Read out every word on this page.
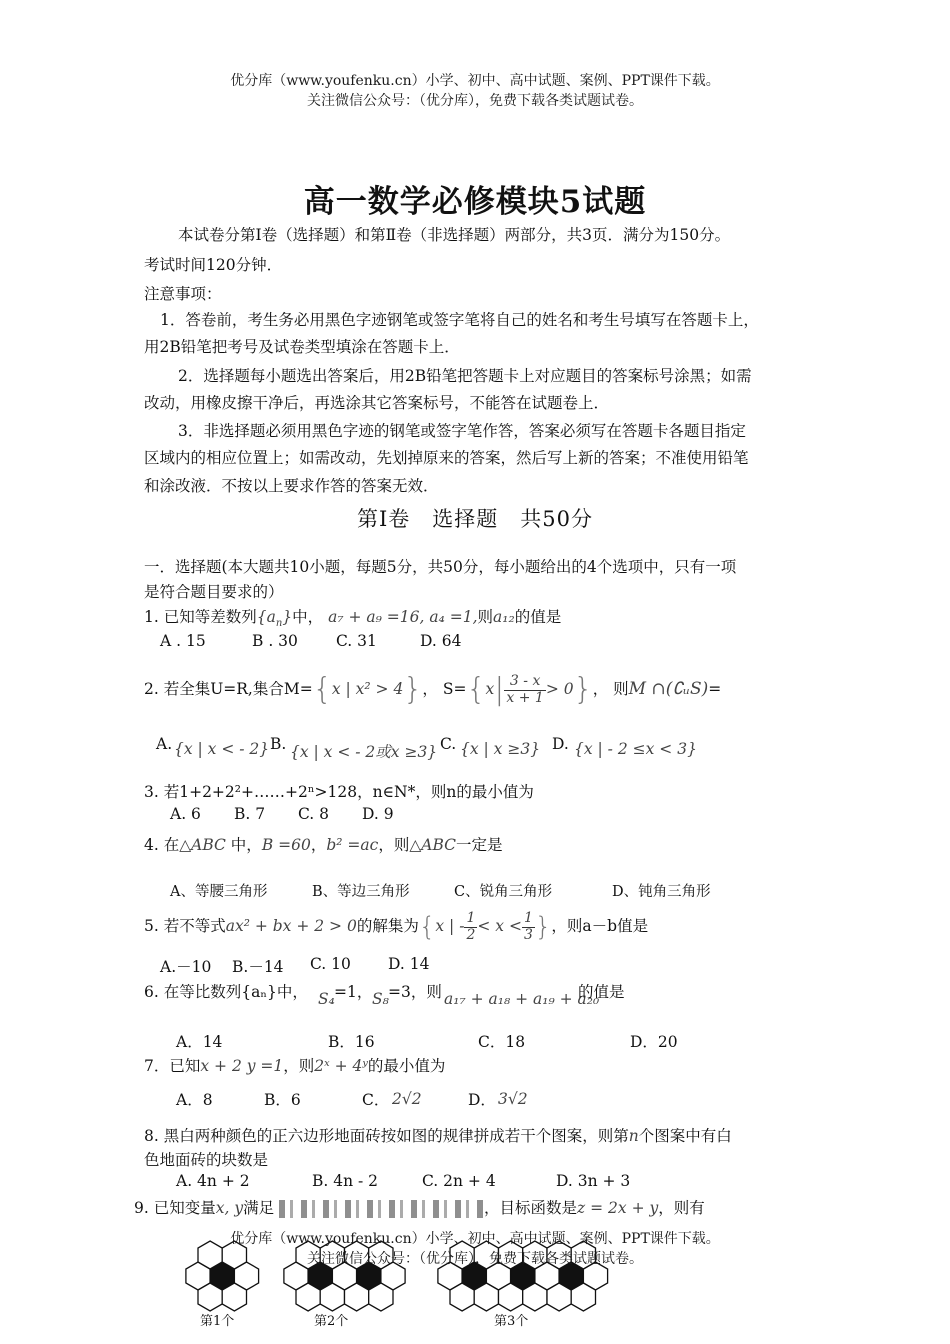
优分库（www.youfenku.cn）小学、初中、高中试题、案例、PPT课件下载。
关注微信公众号：（优分库），免费下载各类试题试卷。
高一数学必修模块5试题
本试卷分第Ⅰ卷（选择题）和第Ⅱ卷（非选择题）两部分，共3页．满分为150分。
考试时间120分钟．
注意事项：
1．答卷前，考生务必用黑色字迹钢笔或签字笔将自己的姓名和考生号填写在答题卡上，
用2B铅笔把考号及试卷类型填涂在答题卡上．
2．选择题每小题选出答案后，用2B铅笔把答题卡上对应题目的答案标号涂黑；如需
改动，用橡皮擦干净后，再选涂其它答案标号，不能答在试题卷上．
3．非选择题必须用黑色字迹的钢笔或签字笔作答，答案必须写在答题卡各题目指定
区域内的相应位置上；如需改动，先划掉原来的答案，然后写上新的答案；不准使用铅笔
和涂改液．不按以上要求作答的答案无效．
第Ⅰ卷　选择题　共50分
一．选择题(本大题共10小题，每题5分，共50分，每小题给出的4个选项中，只有一项
是符合题目要求的）
1. 已知等差数列$\{a_n\}$中， a₇ + a₉ =16, a₄ =1,则a₁₂的值是
A . 15	B . 30 C. 31	D. 64
2. 若全集U=R,集合M={x | x² > 4}， $S=\{x| \frac{3 - x}{x + 1} > 0\}$， 则M ∩(∁ᵤS)=
A. {x | x < - 2} B. {x | x < - 2或x ≥3} C. {x | x ≥3} D. {x | - 2 ≤x < 3}
3. 若1+2+2²+……+2ⁿ>128，n∈N*，则n的最小值为
A. 6 B. 7 C. 8 D. 9
4. 在△ABC 中，B =60，b² =ac，则△ABC一定是
A、等腰三角形	B、等边三角形	C、锐角三角形	D、钝角三角形
5. 若不等式ax² + bx + 2 > 0的解集为{x | - $\frac{1}{2} < x < \frac{1}{3}$ }，则a－b值是
A.－10 B.－14 C. 10 D. 14
6. 在等比数列{aₙ}中， S₄ =1， S₈ =3，则 a₁₇ + a₁₈ + a₁₉ + a₂₀
的值是
A．14	B．16	C．18	D．20
7．已知x + 2 y =1，则2ˣ + 4ʸ的最小值为
A．8	B．6	C． 2√2	D． 3√2
8. 黑白两种颜色的正六边形地面砖按如图的规律拼成若干个图案，则第n个图案中有白
色地面砖的块数是
A. 4n + 2	B. 4n - 2	C. 2n + 4	D. 3n + 3
9. 已知变量x, y满足	，目标函数是z = 2x + y，则有
第1个	第2个	第3个
优分库（www.youfenku.cn）小学、初中、高中试题、案例、PPT课件下载。
关注微信公众号：（优分库），免费下载各类试题试卷。
